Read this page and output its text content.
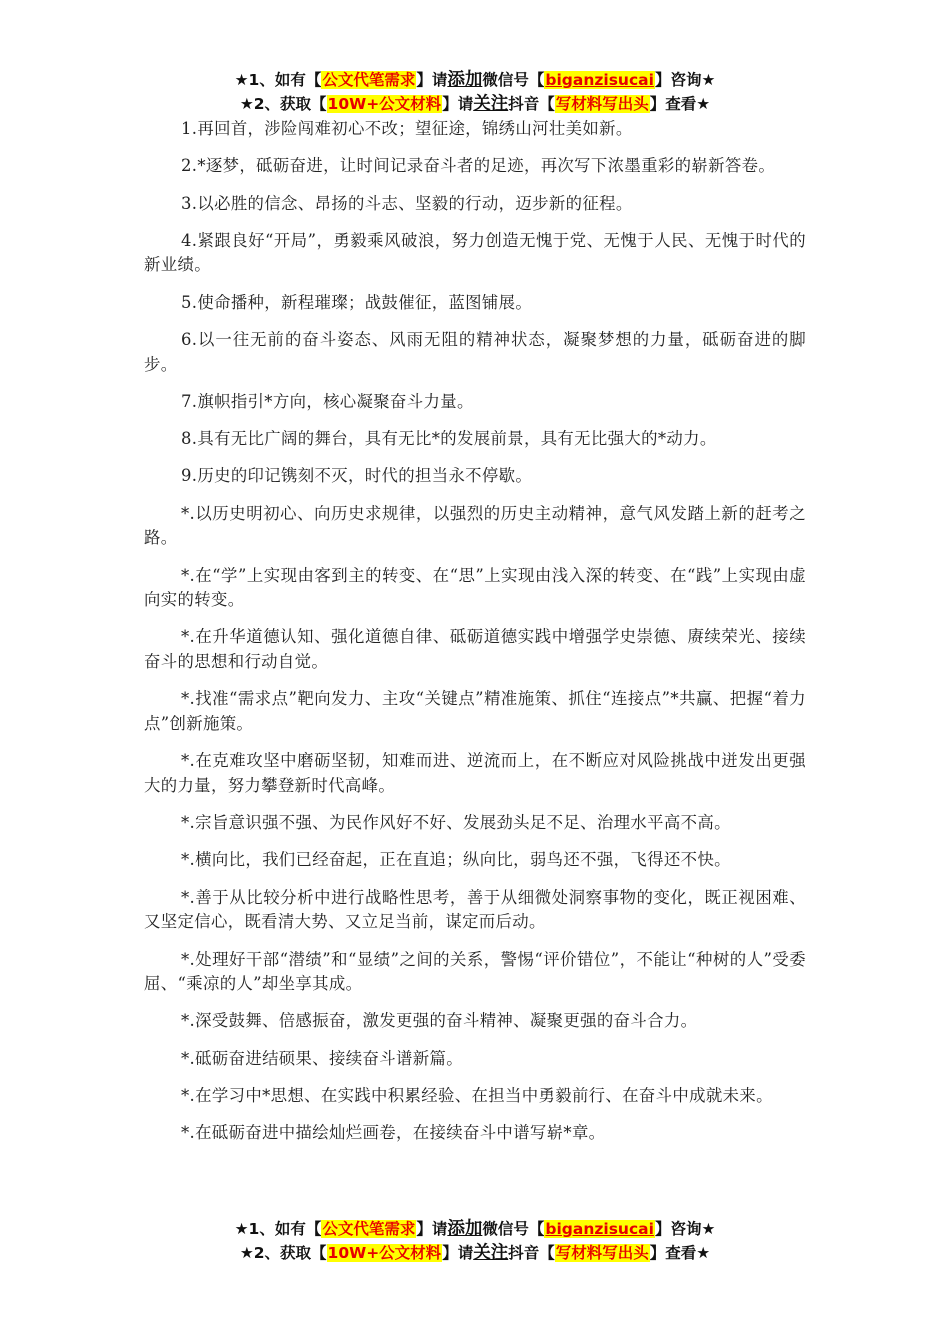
★1、如有【公文代笔需求】请添加微信号【biganzisucai】咨询★
★2、获取【10W+公文材料】请关注抖音【写材料写出头】查看★

1.再回首，涉险闯难初心不改；望征途，锦绣山河壮美如新。

2.*逐梦，砥砺奋进，让时间记录奋斗者的足迹，再次写下浓墨重彩的崭新答卷。

3.以必胜的信念、昂扬的斗志、坚毅的行动，迈步新的征程。

4.紧跟良好“开局”，勇毅乘风破浪，努力创造无愧于党、无愧于人民、无愧于时代的新业绩。

5.使命播种，新程璀璨；战鼓催征，蓝图铺展。

6.以一往无前的奋斗姿态、风雨无阻的精神状态，凝聚梦想的力量，砥砺奋进的脚步。

7.旗帜指引*方向，核心凝聚奋斗力量。

8.具有无比广阔的舞台，具有无比*的发展前景，具有无比强大的*动力。

9.历史的印记镌刻不灭，时代的担当永不停歇。

*.以历史明初心、向历史求规律，以强烈的历史主动精神，意气风发踏上新的赶考之路。

*.在“学”上实现由客到主的转变、在“思”上实现由浅入深的转变、在“践”上实现由虚向实的转变。

*.在升华道德认知、强化道德自律、砥砺道德实践中增强学史崇德、赓续荣光、接续奋斗的思想和行动自觉。

*.找准“需求点”靶向发力、主攻“关键点”精准施策、抓住“连接点”*共赢、把握“着力点”创新施策。

*.在克难攻坚中磨砺坚韧，知难而进、逆流而上，在不断应对风险挑战中迸发出更强大的力量，努力攀登新时代高峰。

*.宗旨意识强不强、为民作风好不好、发展劲头足不足、治理水平高不高。

*.横向比，我们已经奋起，正在直追；纵向比，弱鸟还不强，飞得还不快。

*.善于从比较分析中进行战略性思考，善于从细微处洞察事物的变化，既正视困难、又坚定信心，既看清大势、又立足当前，谋定而后动。

*.处理好干部“潜绩”和“显绩”之间的关系，警惕“评价错位”，不能让“种树的人”受委屈、“乘凉的人”却坐享其成。

*.深受鼓舞、倍感振奋，激发更强的奋斗精神、凝聚更强的奋斗合力。

*.砥砺奋进结硕果、接续奋斗谱新篇。

*.在学习中*思想、在实践中积累经验、在担当中勇毅前行、在奋斗中成就未来。

*.在砥砺奋进中描绘灿烂画卷，在接续奋斗中谱写崭*章。

★1、如有【公文代笔需求】请添加微信号【biganzisucai】咨询★
★2、获取【10W+公文材料】请关注抖音【写材料写出头】查看★
